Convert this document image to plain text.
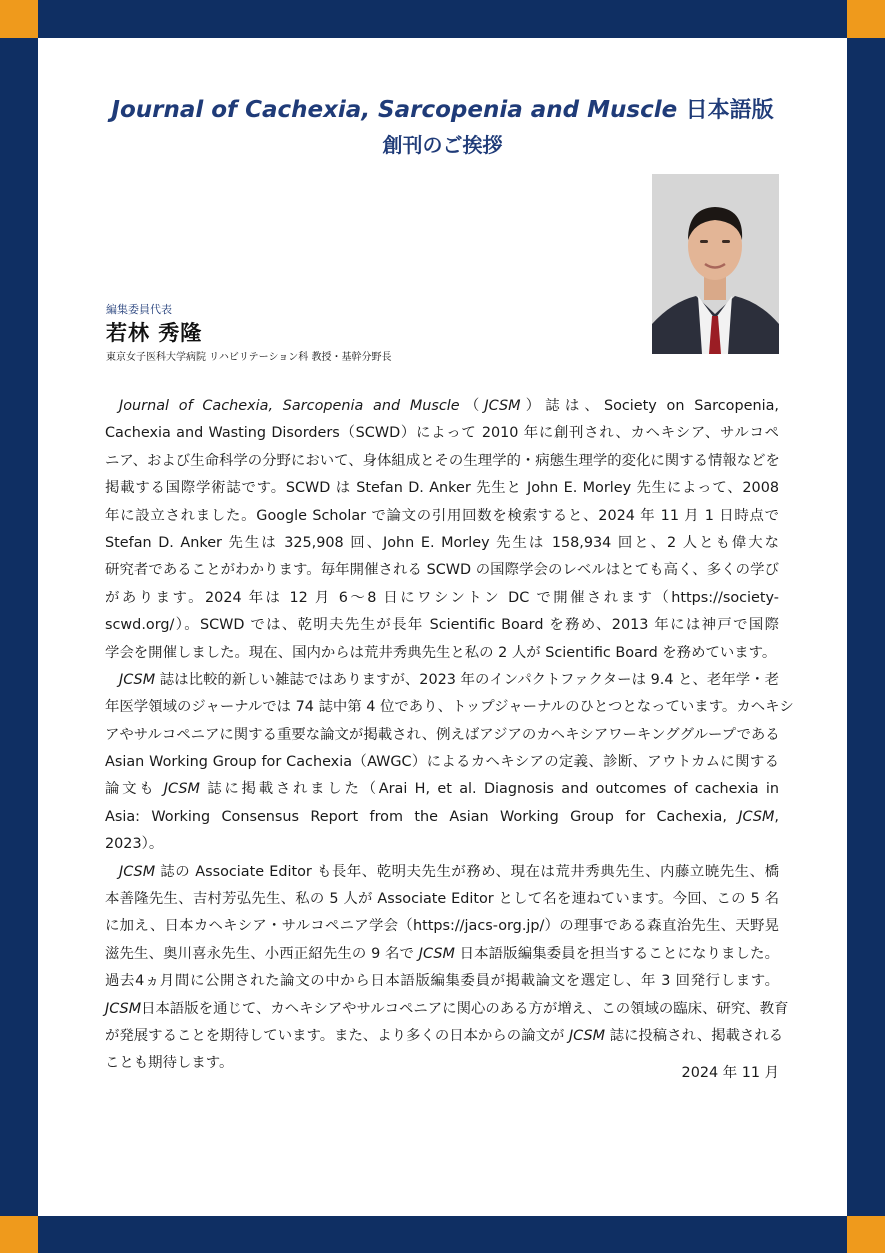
Journal of Cachexia, Sarcopenia and Muscle 日本語版
創刊のご挨拶
編集委員代表
若林 秀隆
東京女子医科大学病院 リハビリテーション科 教授・基幹分野長
Journal of Cachexia, Sarcopenia and Muscle（JCSM）誌は、Society on Sarcopenia,
Cachexia and Wasting Disorders（SCWD）によって 2010 年に創刊され、カヘキシア、サルコペ
ニア、および生命科学の分野において、身体組成とその生理学的・病態生理学的変化に関する情報などを
掲載する国際学術誌です。SCWD は Stefan D. Anker 先生と John E. Morley 先生によって、2008
年に設立されました。Google Scholar で論文の引用回数を検索すると、2024 年 11 月 1 日時点で
Stefan D. Anker 先生は 325,908 回、John E. Morley 先生は 158,934 回と、2 人とも偉大な
研究者であることがわかります。毎年開催される SCWD の国際学会のレベルはとても高く、多くの学び
があります。2024 年は 12 月 6～8 日にワシントン DC で開催されます（https://society-
scwd.org/）。SCWD では、乾明夫先生が長年 Scientific Board を務め、2013 年には神戸で国際
学会を開催しました。現在、国内からは荒井秀典先生と私の 2 人が Scientific Board を務めています。
JCSM 誌は比較的新しい雑誌ではありますが、2023 年のインパクトファクターは 9.4 と、老年学・老
年医学領域のジャーナルでは 74 誌中第 4 位であり、トップジャーナルのひとつとなっています。カヘキシ
アやサルコペニアに関する重要な論文が掲載され、例えばアジアのカヘキシアワーキンググループである
Asian Working Group for Cachexia（AWGC）によるカヘキシアの定義、診断、アウトカムに関する
論文も JCSM 誌に掲載されました（Arai H, et al. Diagnosis and outcomes of cachexia in
Asia: Working Consensus Report from the Asian Working Group for Cachexia, JCSM,
2023）。
JCSM 誌の Associate Editor も長年、乾明夫先生が務め、現在は荒井秀典先生、内藤立暁先生、橋
本善隆先生、吉村芳弘先生、私の 5 人が Associate Editor として名を連ねています。今回、この 5 名
に加え、日本カヘキシア・サルコペニア学会（https://jacs-org.jp/）の理事である森直治先生、天野晃
滋先生、奥川喜永先生、小西正紹先生の 9 名で JCSM 日本語版編集委員を担当することになりました。
過去4ヵ月間に公開された論文の中から日本語版編集委員が掲載論文を選定し、年 3 回発行します。
JCSM日本語版を通じて、カヘキシアやサルコペニアに関心のある方が増え、この領域の臨床、研究、教育
が発展することを期待しています。また、より多くの日本からの論文が JCSM 誌に投稿され、掲載される
ことも期待します。
2024 年 11 月
